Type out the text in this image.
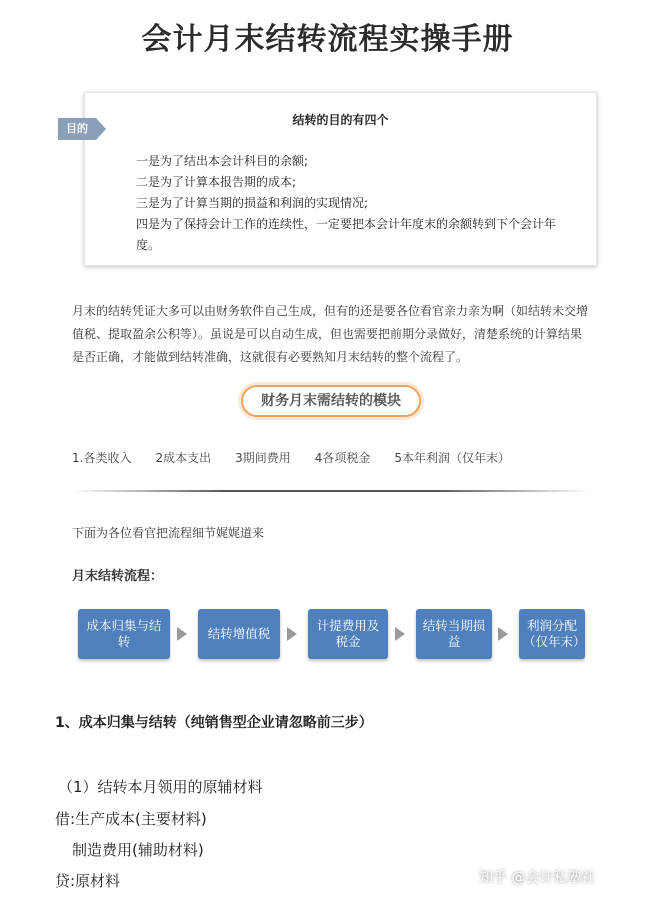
会计月末结转流程实操手册
结转的目的有四个
一是为了结出本会计科目的余额;
二是为了计算本报告期的成本;
三是为了计算当期的损益和利润的实现情况;
四是为了保持会计工作的连续性，一定要把本会计年度末的余额转到下个会计年度。
目的

月末的结转凭证大多可以由财务软件自己生成，但有的还是要各位看官亲力亲为啊（如结转未交增值税、提取盈余公积等）。虽说是可以自动生成，但也需要把前期分录做好，清楚系统的计算结果是否正确，才能做到结转准确，这就很有必要熟知月末结转的整个流程了。

财务月末需结转的模块
1.各类收入 2成本支出 3期间费用 4各项税金 5本年利润（仅年末）
下面为各位看官把流程细节娓娓道来
月末结转流程：
成本归集与结转
结转增值税
计提费用及税金
结转当期损益
利润分配（仅年末）
1、成本归集与结转（纯销售型企业请忽略前三步）
（1）结转本月领用的原辅材料
借:生产成本(主要材料)
制造费用(辅助材料)
贷:原材料	知乎 @会计私塾社
